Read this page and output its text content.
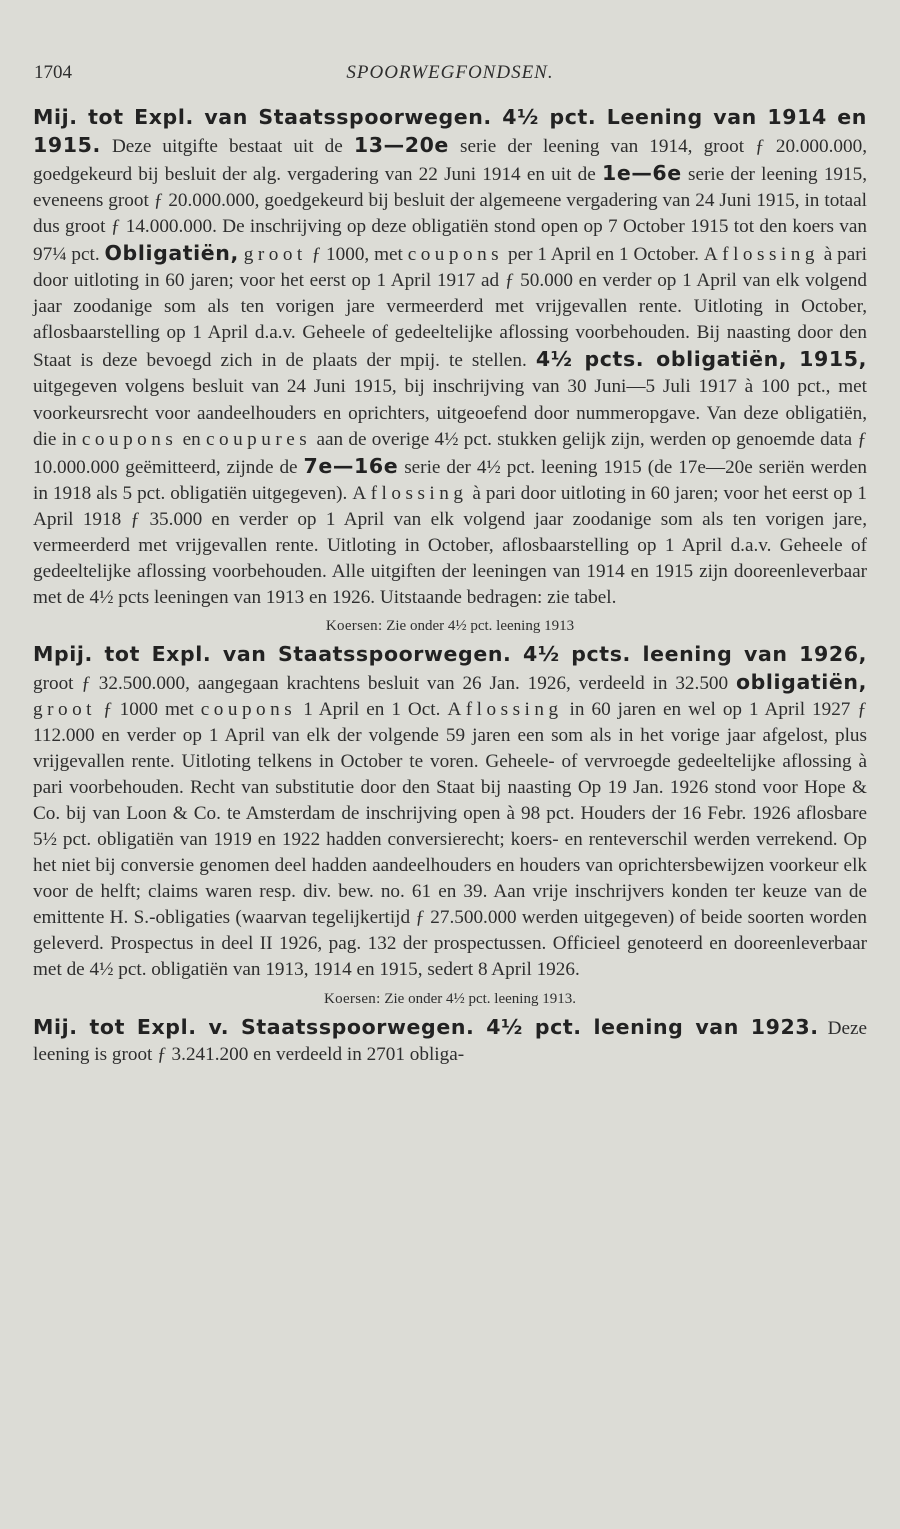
1704	SPOORWEGFONDSEN.

Mij. tot Expl. van Staatsspoorwegen. 4½ pct. Leening van 1914 en 1915. Deze uitgifte bestaat uit de 13—20e serie der leening van 1914, groot ƒ 20.000.000, goedgekeurd bij besluit der alg. vergadering van 22 Juni 1914 en uit de 1e—6e serie der leening 1915, eveneens groot ƒ 20.000.000, goedgekeurd bij besluit der algemeene vergadering van 24 Juni 1915, in totaal dus groot ƒ 14.000.000. De inschrijving op deze obligatiën stond open op 7 October 1915 tot den koers van 97¼ pct. Obligatiën, groot ƒ 1000, met coupons per 1 April en 1 October. Aflossing à pari door uitloting in 60 jaren; voor het eerst op 1 April 1917 ad ƒ 50.000 en verder op 1 April van elk volgend jaar zoodanige som als ten vorigen jare vermeerderd met vrijgevallen rente. Uitloting in October, aflosbaarstelling op 1 April d.a.v. Geheele of gedeeltelijke aflossing voorbehouden. Bij naasting door den Staat is deze bevoegd zich in de plaats der mpij. te stellen. 4½ pcts. obligatiën, 1915, uitgegeven volgens besluit van 24 Juni 1915, bij inschrijving van 30 Juni—5 Juli 1917 à 100 pct., met voorkeursrecht voor aandeelhouders en oprichters, uitgeoefend door nummeropgave. Van deze obligatiën, die in coupons en coupures aan de overige 4½ pct. stukken gelijk zijn, werden op genoemde data ƒ 10.000.000 geëmitteerd, zijnde de 7e—16e serie der 4½ pct. leening 1915 (de 17e—20e seriën werden in 1918 als 5 pct. obligatiën uitgegeven). Aflossing à pari door uitloting in 60 jaren; voor het eerst op 1 April 1918 ƒ 35.000 en verder op 1 April van elk volgend jaar zoodanige som als ten vorigen jare, vermeerderd met vrijgevallen rente. Uitloting in October, aflosbaarstelling op 1 April d.a.v. Geheele of gedeeltelijke aflossing voorbehouden. Alle uitgiften der leeningen van 1914 en 1915 zijn dooreenleverbaar met de 4½ pcts leeningen van 1913 en 1926. Uitstaande bedragen: zie tabel.

Koersen: Zie onder 4½ pct. leening 1913

Mpij. tot Expl. van Staatsspoorwegen. 4½ pcts. leening van 1926, groot ƒ 32.500.000, aangegaan krachtens besluit van 26 Jan. 1926, verdeeld in 32.500 obligatiën, groot ƒ 1000 met coupons 1 April en 1 Oct. Aflossing in 60 jaren en wel op 1 April 1927 ƒ 112.000 en verder op 1 April van elk der volgende 59 jaren een som als in het vorige jaar afgelost, plus vrijgevallen rente. Uitloting telkens in October te voren. Geheele- of vervroegde gedeeltelijke aflossing à pari voorbehouden. Recht van substitutie door den Staat bij naasting Op 19 Jan. 1926 stond voor Hope & Co. bij van Loon & Co. te Amsterdam de inschrijving open à 98 pct. Houders der 16 Febr. 1926 aflosbare 5½ pct. obligatiën van 1919 en 1922 hadden conversierecht; koers- en renteverschil werden verrekend. Op het niet bij conversie genomen deel hadden aandeelhouders en houders van oprichtersbewijzen voorkeur elk voor de helft; claims waren resp. div. bew. no. 61 en 39. Aan vrije inschrijvers konden ter keuze van de emittente H. S.-obligaties (waarvan tegelijkertijd ƒ 27.500.000 werden uitgegeven) of beide soorten worden geleverd. Prospectus in deel II 1926, pag. 132 der prospectussen. Officieel genoteerd en dooreenleverbaar met de 4½ pct. obligatiën van 1913, 1914 en 1915, sedert 8 April 1926.

Koersen: Zie onder 4½ pct. leening 1913.

Mij. tot Expl. v. Staatsspoorwegen. 4½ pct. leening van 1923. Deze leening is groot ƒ 3.241.200 en verdeeld in 2701 obliga-
